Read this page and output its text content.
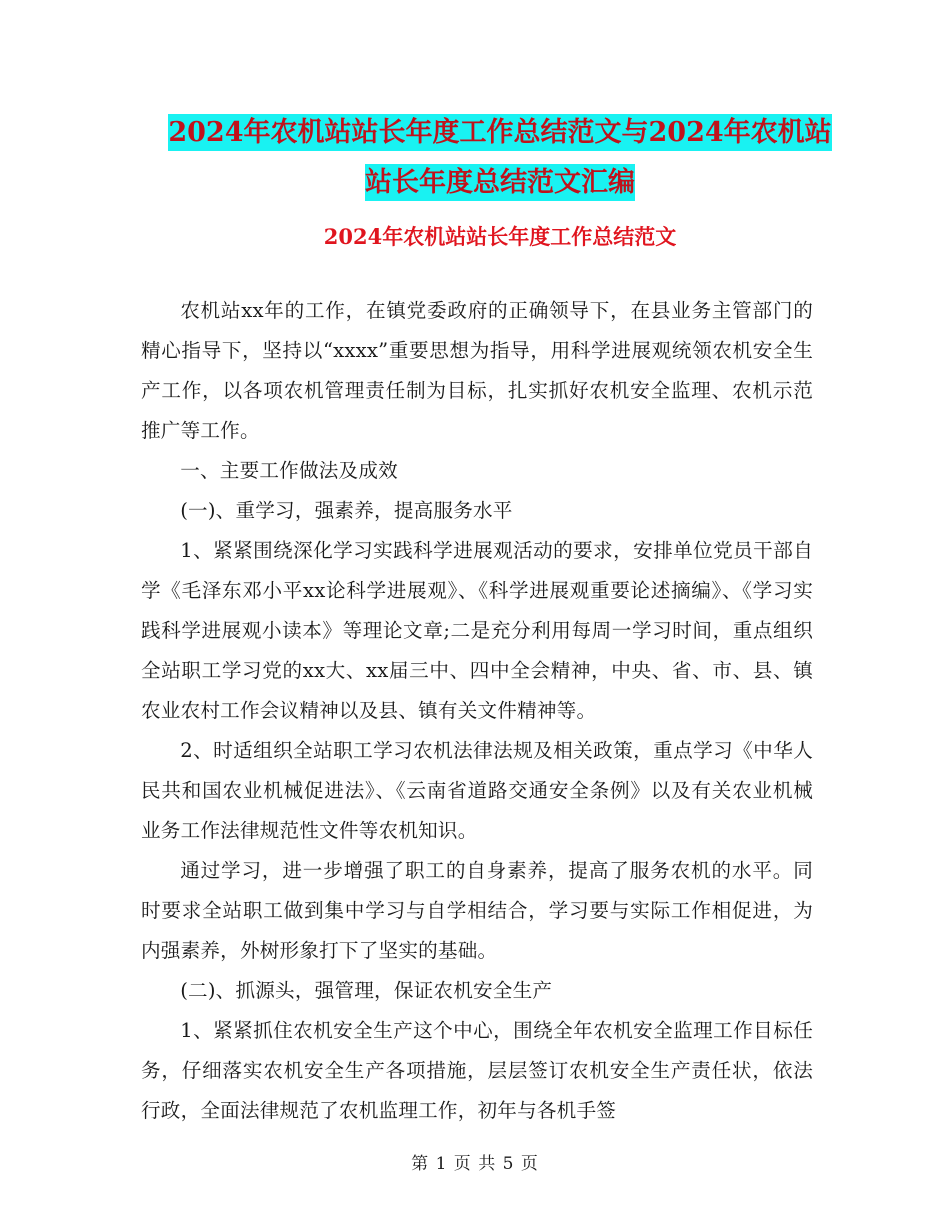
2024年农机站站长年度工作总结范文与2024年农机站
站长年度总结范文汇编
2024年农机站站长年度工作总结范文

农机站xx年的工作，在镇党委政府的正确领导下，在县业务主管部门的精心指导下，坚持以“xxxx”重要思想为指导，用科学进展观统领农机安全生产工作，以各项农机管理责任制为目标，扎实抓好农机安全监理、农机示范推广等工作。

一、主要工作做法及成效

(一)、重学习，强素养，提高服务水平

1、紧紧围绕深化学习实践科学进展观活动的要求，安排单位党员干部自学《毛泽东邓小平xx论科学进展观》、《科学进展观重要论述摘编》、《学习实践科学进展观小读本》等理论文章;二是充分利用每周一学习时间，重点组织全站职工学习党的xx大、xx届三中、四中全会精神，中央、省、市、县、镇农业农村工作会议精神以及县、镇有关文件精神等。

2、时适组织全站职工学习农机法律法规及相关政策，重点学习《中华人民共和国农业机械促进法》、《云南省道路交通安全条例》以及有关农业机械业务工作法律规范性文件等农机知识。

通过学习，进一步增强了职工的自身素养，提高了服务农机的水平。同时要求全站职工做到集中学习与自学相结合，学习要与实际工作相促进，为内强素养，外树形象打下了坚实的基础。

(二)、抓源头，强管理，保证农机安全生产

1、紧紧抓住农机安全生产这个中心，围绕全年农机安全监理工作目标任务，仔细落实农机安全生产各项措施，层层签订农机安全生产责任状，依法行政，全面法律规范了农机监理工作，初年与各机手签

第 1 页 共 5 页
